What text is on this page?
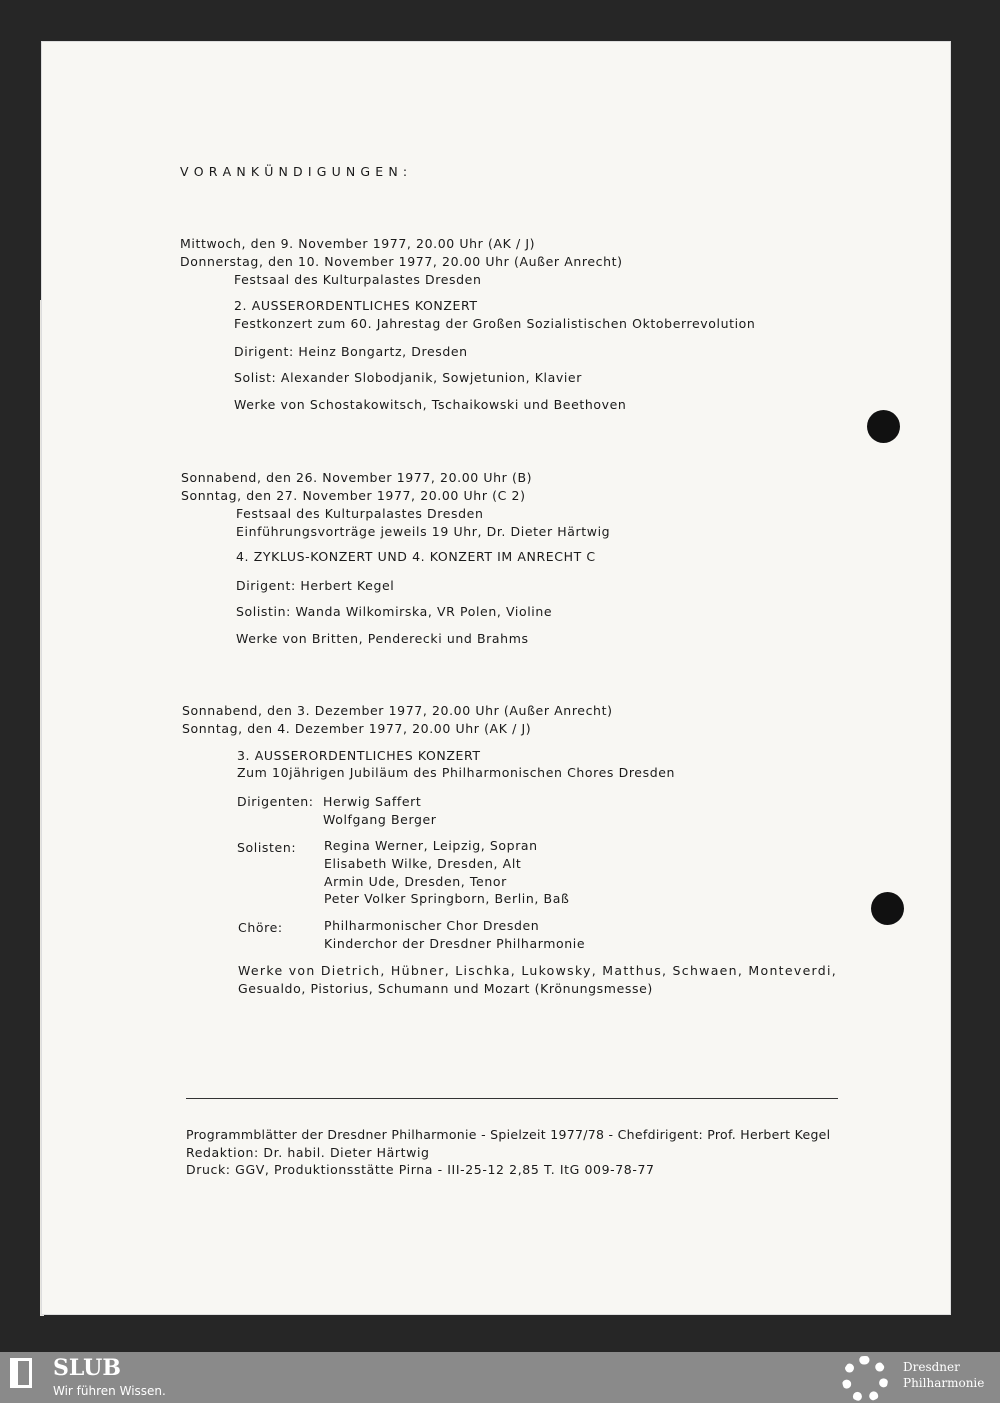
V O R A N K Ü N D I G U N G E N :
Mittwoch, den 9. November 1977, 20.00 Uhr (AK / J)
Donnerstag, den 10. November 1977, 20.00 Uhr (Außer Anrecht)
Festsaal des Kulturpalastes Dresden
2. AUSSERORDENTLICHES KONZERT
Festkonzert zum 60. Jahrestag der Großen Sozialistischen Oktoberrevolution
Dirigent: Heinz Bongartz, Dresden
Solist: Alexander Slobodjanik, Sowjetunion, Klavier
Werke von Schostakowitsch, Tschaikowski und Beethoven
Sonnabend, den 26. November 1977, 20.00 Uhr (B)
Sonntag, den 27. November 1977, 20.00 Uhr (C 2)
Festsaal des Kulturpalastes Dresden
Einführungsvorträge jeweils 19 Uhr, Dr. Dieter Härtwig
4. ZYKLUS-KONZERT UND 4. KONZERT IM ANRECHT C
Dirigent: Herbert Kegel
Solistin: Wanda Wilkomirska, VR Polen, Violine
Werke von Britten, Penderecki und Brahms
Sonnabend, den 3. Dezember 1977, 20.00 Uhr (Außer Anrecht)
Sonntag, den 4. Dezember 1977, 20.00 Uhr (AK / J)
3. AUSSERORDENTLICHES KONZERT
Zum 10jährigen Jubiläum des Philharmonischen Chores Dresden
Dirigenten: Herwig Saffert
Wolfgang Berger
Solisten: Regina Werner, Leipzig, Sopran
Elisabeth Wilke, Dresden, Alt
Armin Ude, Dresden, Tenor
Peter Volker Springborn, Berlin, Baß
Chöre:	Philharmonischer Chor Dresden
Kinderchor der Dresdner Philharmonie
Werke von Dietrich, Hübner, Lischka, Lukowsky, Matthus, Schwaen, Monteverdi,
Gesualdo, Pistorius, Schumann und Mozart (Krönungsmesse)
Programmblätter der Dresdner Philharmonie - Spielzeit 1977/78 - Chefdirigent: Prof. Herbert Kegel
Redaktion: Dr. habil. Dieter Härtwig
Druck: GGV, Produktionsstätte Pirna - III-25-12 2,85 T. ItG 009-78-77
SLUB
Wir führen Wissen.
Dresdner
Philharmonie
